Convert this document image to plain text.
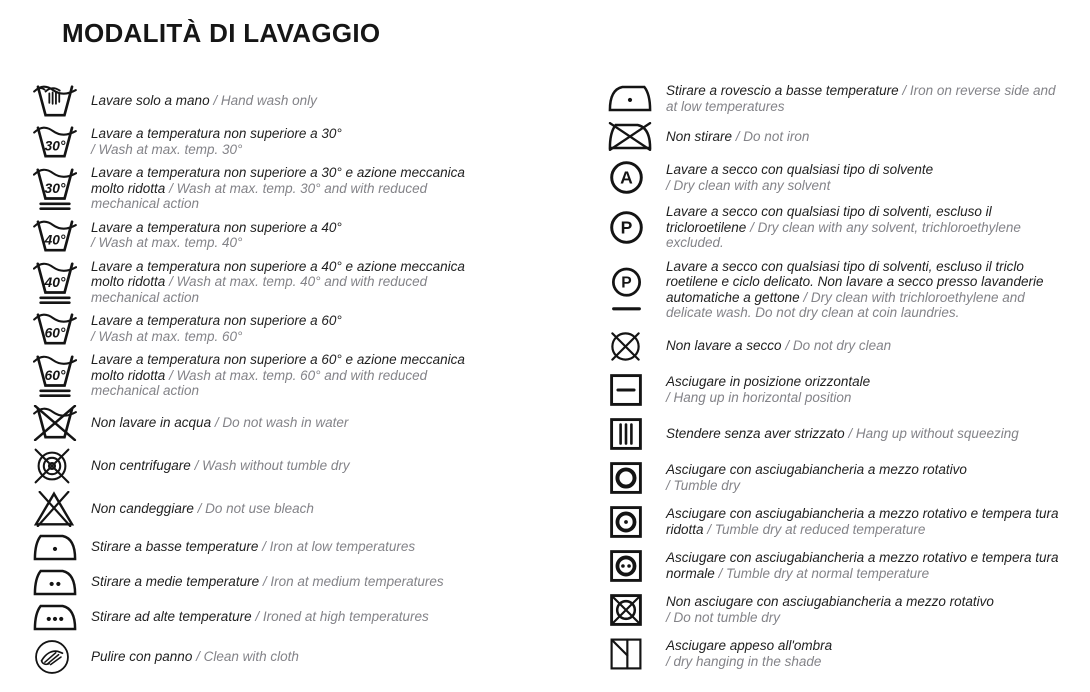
MODALITÀ DI LAVAGGIO

Lavare solo a mano / Hand wash only

30°

Lavare a temperatura non superiore a 30°
/ Wash at max. temp. 30°

30°

Lavare a temperatura non superiore a 30° e azione meccanica molto ridotta / Wash at max. temp. 30° and with reduced mechanical action

40°

Lavare a temperatura non superiore a 40°
/ Wash at max. temp. 40°

40°

Lavare a temperatura non superiore a 40° e azione meccanica molto ridotta / Wash at max. temp. 40° and with reduced mechanical action

60°

Lavare a temperatura non superiore a 60°
/ Wash at max. temp. 60°

60°

Lavare a temperatura non superiore a 60° e azione meccanica molto ridotta / Wash at max. temp. 60° and with reduced mechanical action

Non lavare in acqua / Do not wash in water

Non centrifugare / Wash without tumble dry

Non candeggiare / Do not use bleach

Stirare a basse temperature / Iron at low temperatures

Stirare a medie temperature / Iron at medium temperatures

Stirare ad alte temperature / Ironed at high temperatures

Pulire con panno / Clean with cloth

Stirare a rovescio a basse temperature / Iron on reverse side and at low temperatures

Non stirare / Do not iron

A Lavare a secco con qualsiasi tipo di solvente
/ Dry clean with any solvent

P

Lavare a secco con qualsiasi tipo di solventi, escluso il tricloroetilene / Dry clean with any solvent, trichloroethylene excluded.

P

Lavare a secco con qualsiasi tipo di solventi, escluso il triclo roetilene e ciclo delicato. Non lavare a secco presso lavanderie automatiche a gettone / Dry clean with trichloroethylene and delicate wash. Do not dry clean at coin laundries.

Non lavare a secco / Do not dry clean

Asciugare in posizione orizzontale
/ Hang up in horizontal position

Stendere senza aver strizzato / Hang up without squeezing

Asciugare con asciugabiancheria a mezzo rotativo
/ Tumble dry

Asciugare con asciugabiancheria a mezzo rotativo e tempera tura ridotta / Tumble dry at reduced temperature

Asciugare con asciugabiancheria a mezzo rotativo e tempera tura normale / Tumble dry at normal temperature

Non asciugare con asciugabiancheria a mezzo rotativo
/ Do not tumble dry

Asciugare appeso all'ombra
/ dry hanging in the shade
